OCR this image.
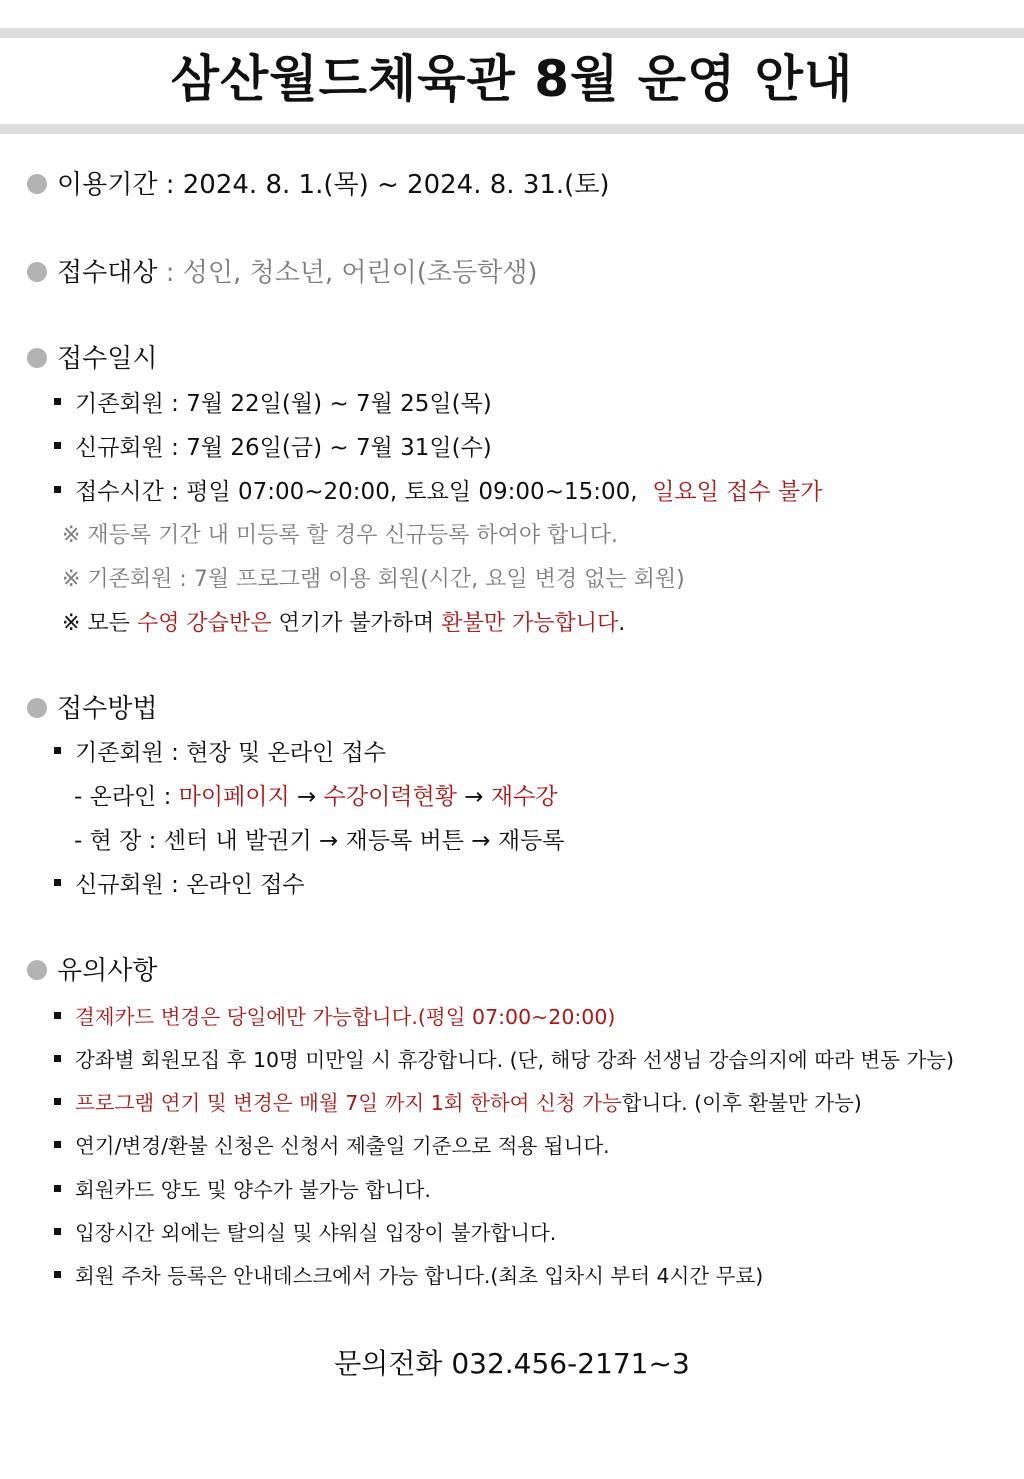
삼산월드체육관 8월 운영 안내
이용기간 : 2024. 8. 1.(목) ~ 2024. 8. 31.(토)
접수대상 : 성인, 청소년, 어린이(초등학생)
접수일시
기존회원 : 7월 22일(월) ~ 7월 25일(목)
신규회원 : 7월 26일(금) ~ 7월 31일(수)
접수시간 : 평일 07:00~20:00, 토요일 09:00~15:00, 일요일 접수 불가
※ 재등록 기간 내 미등록 할 경우 신규등록 하여야 합니다.
※ 기존회원 : 7월 프로그램 이용 회원(시간, 요일 변경 없는 회원)
※ 모든 수영 강습반은 연기가 불가하며 환불만 가능합니다.
접수방법
기존회원 : 현장 및 온라인 접수
- 온라인 : 마이페이지 → 수강이력현황 → 재수강
- 현 장 : 센터 내 발권기 → 재등록 버튼 → 재등록
신규회원 : 온라인 접수
유의사항
결제카드 변경은 당일에만 가능합니다.(평일 07:00~20:00)
강좌별 회원모집 후 10명 미만일 시 휴강합니다. (단, 해당 강좌 선생님 강습의지에 따라 변동 가능)
프로그램 연기 및 변경은 매월 7일 까지 1회 한하여 신청 가능합니다. (이후 환불만 가능)
연기/변경/환불 신청은 신청서 제출일 기준으로 적용 됩니다.
회원카드 양도 및 양수가 불가능 합니다.
입장시간 외에는 탈의실 및 샤워실 입장이 불가합니다.
회원 주차 등록은 안내데스크에서 가능 합니다.(최초 입차시 부터 4시간 무료)
문의전화 032.456-2171~3
